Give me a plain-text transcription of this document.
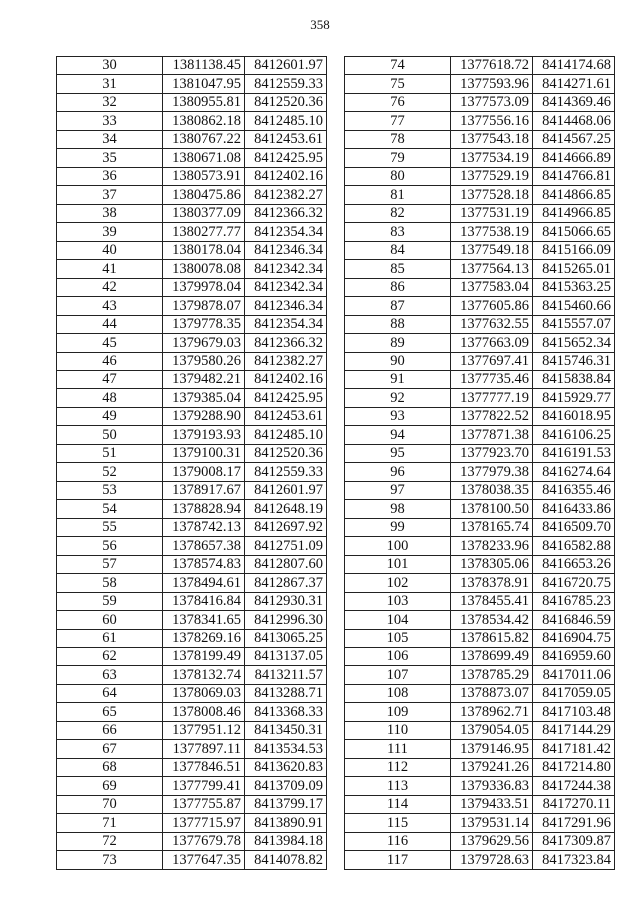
358
30	1381138.45	8412601.97
31	1381047.95	8412559.33
32	1380955.81	8412520.36
33	1380862.18	8412485.10
34	1380767.22	8412453.61
35	1380671.08	8412425.95
36	1380573.91	8412402.16
37	1380475.86	8412382.27
38	1380377.09	8412366.32
39	1380277.77	8412354.34
40	1380178.04	8412346.34
41	1380078.08	8412342.34
42	1379978.04	8412342.34
43	1379878.07	8412346.34
44	1379778.35	8412354.34
45	1379679.03	8412366.32
46	1379580.26	8412382.27
47	1379482.21	8412402.16
48	1379385.04	8412425.95
49	1379288.90	8412453.61
50	1379193.93	8412485.10
51	1379100.31	8412520.36
52	1379008.17	8412559.33
53	1378917.67	8412601.97
54	1378828.94	8412648.19
55	1378742.13	8412697.92
56	1378657.38	8412751.09
57	1378574.83	8412807.60
58	1378494.61	8412867.37
59	1378416.84	8412930.31
60	1378341.65	8412996.30
61	1378269.16	8413065.25
62	1378199.49	8413137.05
63	1378132.74	8413211.57
64	1378069.03	8413288.71
65	1378008.46	8413368.33
66	1377951.12	8413450.31
67	1377897.11	8413534.53
68	1377846.51	8413620.83
69	1377799.41	8413709.09
70	1377755.87	8413799.17
71	1377715.97	8413890.91
72	1377679.78	8413984.18
73	1377647.35	8414078.82
74	1377618.72	8414174.68
75	1377593.96	8414271.61
76	1377573.09	8414369.46
77	1377556.16	8414468.06
78	1377543.18	8414567.25
79	1377534.19	8414666.89
80	1377529.19	8414766.81
81	1377528.18	8414866.85
82	1377531.19	8414966.85
83	1377538.19	8415066.65
84	1377549.18	8415166.09
85	1377564.13	8415265.01
86	1377583.04	8415363.25
87	1377605.86	8415460.66
88	1377632.55	8415557.07
89	1377663.09	8415652.34
90	1377697.41	8415746.31
91	1377735.46	8415838.84
92	1377777.19	8415929.77
93	1377822.52	8416018.95
94	1377871.38	8416106.25
95	1377923.70	8416191.53
96	1377979.38	8416274.64
97	1378038.35	8416355.46
98	1378100.50	8416433.86
99	1378165.74	8416509.70
100	1378233.96	8416582.88
101	1378305.06	8416653.26
102	1378378.91	8416720.75
103	1378455.41	8416785.23
104	1378534.42	8416846.59
105	1378615.82	8416904.75
106	1378699.49	8416959.60
107	1378785.29	8417011.06
108	1378873.07	8417059.05
109	1378962.71	8417103.48
110	1379054.05	8417144.29
111	1379146.95	8417181.42
112	1379241.26	8417214.80
113	1379336.83	8417244.38
114	1379433.51	8417270.11
115	1379531.14	8417291.96
116	1379629.56	8417309.87
117	1379728.63	8417323.84
